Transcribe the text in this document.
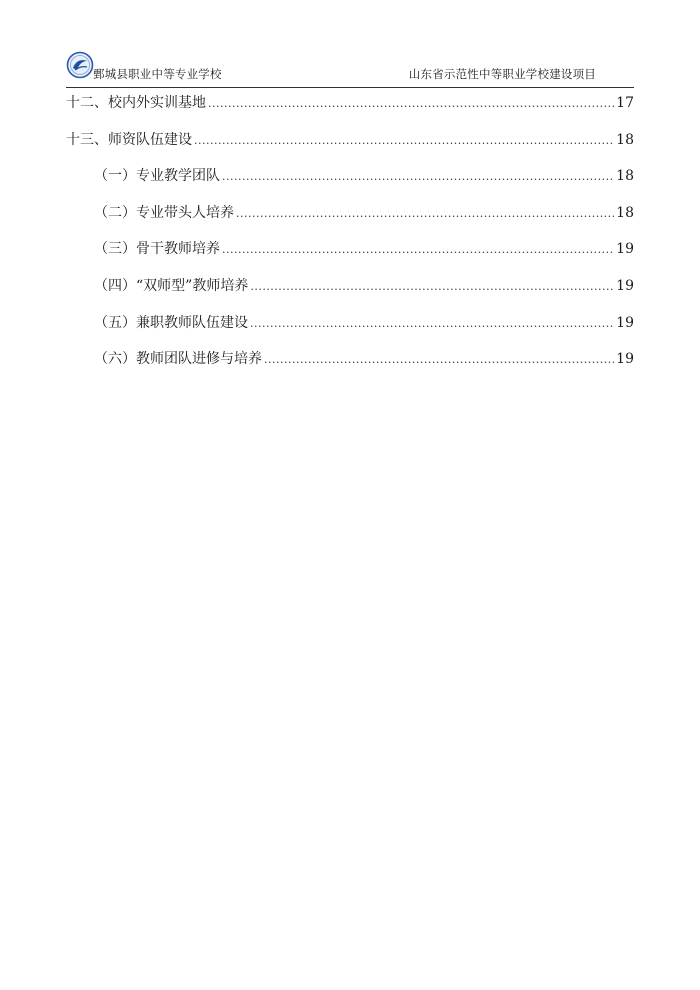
鄄城县职业中等专业学校	山东省示范性中等职业学校建设项目
十二、校内外实训基地 .....	17
十三、师资队伍建设 .....	18
（一）专业教学团队 .....	18
（二）专业带头人培养 .....	18
（三）骨干教师培养 .....	19
（四）“双师型”教师培养 .....	19
（五）兼职教师队伍建设 .....	19
（六）教师团队进修与培养 .....	19
